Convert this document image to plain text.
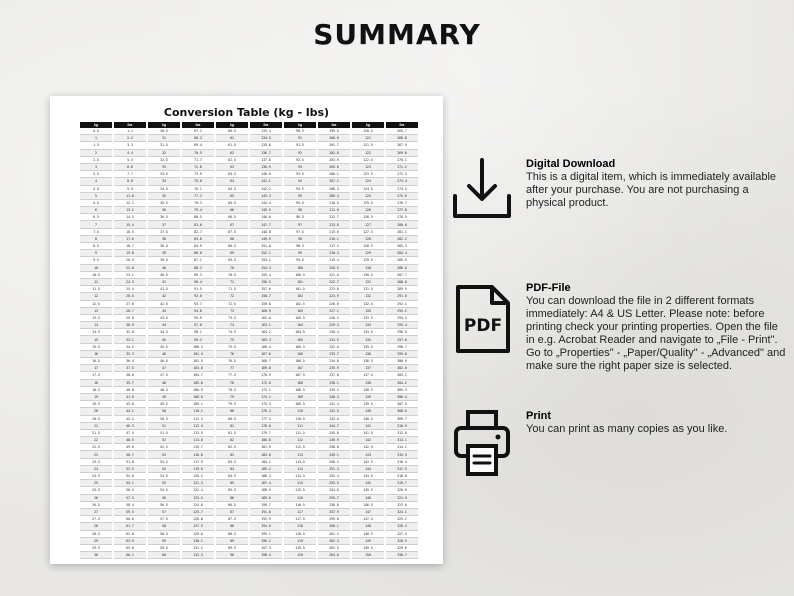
SUMMARY
Conversion Table (kg - lbs)
kg
0.5
1
1.5
2
2.5
3
3.5
4
4.5
5
5.5
6
6.5
7
7.5
8
8.5
9
9.5
10
10.5
11
11.5
12
12.5
13
13.5
14
14.5
15
15.5
16
16.5
17
17.5
18
18.5
19
19.5
20
20.5
21
21.5
22
22.5
23
23.5
24
24.5
25
25.5
26
26.5
27
27.5
28
28.5
29
29.5
30
lbs
1.1
2.2
3.3
4.4
5.5
6.6
7.7
8.8
9.9
11.0
12.1
13.2
14.3
15.4
16.5
17.6
18.7
19.8
20.9
22.0
23.1
24.3
25.4
26.5
27.6
28.7
29.8
30.9
32.0
33.1
34.2
35.3
36.4
37.5
38.6
39.7
40.8
41.9
43.0
44.1
45.2
46.3
47.4
48.5
49.6
50.7
51.8
52.9
54.0
55.1
56.2
57.3
58.4
59.5
60.6
61.7
62.8
63.9
65.0
66.1
kg
30.5
31
31.5
32
32.5
33
33.5
34
34.5
35
35.5
36
36.5
37
37.5
38
38.5
39
39.5
40
40.5
41
41.5
42
42.5
43
43.5
44
44.5
45
45.5
46
46.5
47
47.5
48
48.5
49
49.5
50
50.5
51
51.5
52
52.5
53
53.5
54
54.5
55
55.5
56
56.5
57
57.5
58
58.5
59
59.5
60
lbs
67.2
68.3
69.4
70.5
71.7
72.8
73.9
75.0
76.1
77.2
78.3
79.4
80.5
81.6
82.7
83.8
84.9
86.0
87.1
88.2
89.3
90.4
91.5
92.6
93.7
94.8
95.9
97.0
98.1
99.2
100.3
101.4
102.5
103.6
104.7
105.8
106.9
108.0
109.1
110.2
111.3
112.4
113.5
114.6
115.7
116.8
117.9
119.0
120.2
121.3
122.4
123.5
124.6
125.7
126.8
127.9
129.0
130.1
131.2
132.3
kg
60.5
61
61.5
62
62.5
63
63.5
64
64.5
65
65.5
66
66.5
67
67.5
68
68.5
69
69.5
70
70.5
71
71.5
72
72.5
73
73.5
74
74.5
75
75.5
76
76.5
77
77.5
78
78.5
79
79.5
80
80.5
81
81.5
82
82.5
83
83.5
84
84.5
85
85.5
86
86.5
87
87.5
88
88.5
89
89.5
90
lbs
133.4
134.5
135.6
136.7
137.8
138.9
140.0
141.1
142.2
143.3
144.4
145.5
146.6
147.7
148.8
149.9
151.0
152.1
153.2
154.3
155.4
156.5
157.6
158.7
159.8
160.9
162.0
163.1
164.2
165.3
166.4
167.6
168.7
169.8
170.9
172.0
173.1
174.2
175.3
176.4
177.5
178.6
179.7
180.8
181.9
183.0
184.1
185.2
186.3
187.4
188.5
189.6
190.7
191.8
192.9
194.0
195.1
196.2
197.3
198.4
kg
90.5
91
91.5
92
92.5
93
93.5
94
94.5
95
95.5
96
96.5
97
97.5
98
98.5
99
99.5
100
100.5
101
101.5
102
102.5
103
103.5
104
104.5
105
105.5
106
106.5
107
107.5
108
108.5
109
109.5
110
110.5
111
111.5
112
112.5
113
113.5
114
114.5
115
115.5
116
116.5
117
117.5
118
118.5
119
119.5
120
lbs
199.5
200.6
201.7
202.8
203.9
205.0
206.1
207.2
208.3
209.4
210.5
211.6
212.7
213.8
215.0
216.1
217.2
218.3
219.4
220.5
221.6
222.7
223.8
224.9
226.0
227.1
228.2
229.3
230.4
231.5
232.6
233.7
234.8
235.9
237.0
238.1
239.2
240.3
241.4
242.5
243.6
244.7
245.8
246.9
248.0
249.1
250.2
251.3
252.4
253.5
254.6
255.7
256.8
257.9
259.0
260.1
261.2
262.3
263.5
264.6
kg
120.5
121
121.5
122
122.5
123
123.5
124
124.5
125
125.5
126
126.5
127
127.5
128
128.5
129
129.5
130
130.5
131
131.5
132
132.5
133
133.5
134
134.5
135
135.5
136
136.5
137
137.5
138
138.5
139
139.5
140
140.5
141
141.5
142
142.5
143
143.5
144
144.5
145
145.5
146
146.5
147
147.5
148
148.5
149
149.5
150
lbs
265.7
266.8
267.9
269.0
270.1
271.2
272.3
273.4
274.5
275.6
276.7
277.8
278.9
280.0
281.1
282.2
283.3
284.4
285.5
286.6
287.7
288.8
289.9
291.0
292.1
293.2
294.3
295.4
296.5
297.6
298.7
299.8
300.9
302.0
303.1
304.2
305.3
306.4
307.5
308.6
309.7
310.9
312.0
313.1
314.2
315.3
316.4
317.5
318.6
319.7
320.8
321.9
323.0
324.1
325.2
326.3
327.4
328.5
329.6
330.7
Digital Download
This is a digital item, which is immediately available after your purchase. You are not purchasing a physical product.
PDF
PDF-File
You can download the file in 2 different formats immediately: A4 & US Letter. Please note: before printing check your printing properties. Open the file in e.g. Acrobat Reader and navigate to „File - Print". Go to „Properties" - „Paper/Quality" - „Advanced" and make sure the right paper size is selected.
Print
You can print as many copies as you like.
